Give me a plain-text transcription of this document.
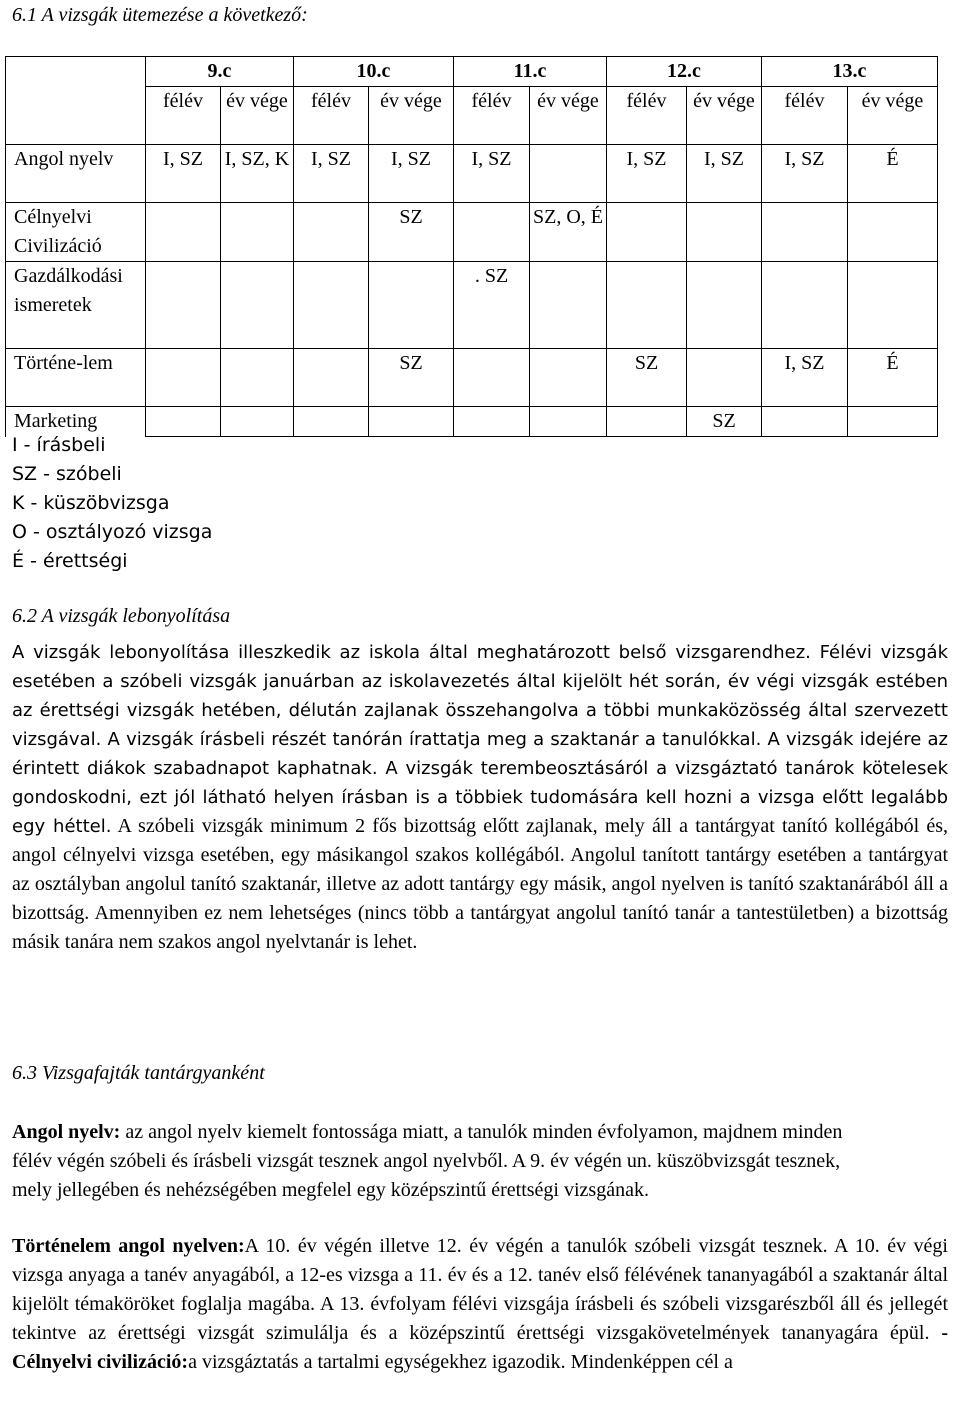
6.1 A vizsgák ütemezése a következő:
	9.c		10.c		11.c		12.c		13.c	
	félév	év vége	félév	év vége	félév	év vége	félév	év vége	félév	év vége
Angol nyelv	I, SZ	I, SZ, K	I, SZ	I, SZ	I, SZ		I, SZ	I, SZ	I, SZ	É
Célnyelvi Civilizáció				SZ		SZ, O, É				
Gazdálkodási ismeretek					. SZ					
Történe-lem				SZ			SZ		I, SZ	É
Marketing								SZ		
I - írásbeli
SZ - szóbeli
K - küszöbvizsga
O - osztályozó vizsga
É - érettségi
6.2 A vizsgák lebonyolítása

A vizsgák lebonyolítása illeszkedik az iskola által meghatározott belső vizsgarendhez. Félévi vizsgák esetében a szóbeli vizsgák januárban az iskolavezetés által kijelölt hét során, év végi vizsgák estében az érettségi vizsgák hetében, délután zajlanak összehangolva a többi munkaközösség által szervezett vizsgával. A vizsgák írásbeli részét tanórán írattatja meg a szaktanár a tanulókkal. A vizsgák idejére az érintett diákok szabadnapot kaphatnak. A vizsgák terembeosztásáról a vizsgáztató tanárok kötelesek gondoskodni, ezt jól látható helyen írásban is a többiek tudomására kell hozni a vizsga előtt legalább egy héttel. A szóbeli vizsgák minimum 2 fős bizottság előtt zajlanak, mely áll a tantárgyat tanító kollégából és, angol célnyelvi vizsga esetében, egy másikangol szakos kollégából. Angolul tanított tantárgy esetében a tantárgyat az osztályban angolul tanító szaktanár, illetve az adott tantárgy egy másik, angol nyelven is tanító szaktanárából áll a bizottság. Amennyiben ez nem lehetséges (nincs több a tantárgyat angolul tanító tanár a tantestületben) a bizottság másik tanára nem szakos angol nyelvtanár is lehet.

6.3 Vizsgafajták tantárgyanként

Angol nyelv: az angol nyelv kiemelt fontossága miatt, a tanulók minden évfolyamon, majdnem minden félév végén szóbeli és írásbeli vizsgát tesznek angol nyelvből. A 9. év végén un. küszöbvizsgát tesznek, mely jellegében és nehézségében megfelel egy középszintű érettségi vizsgának.

Történelem angol nyelven:A 10. év végén illetve 12. év végén a tanulók szóbeli vizsgát tesznek. A 10. év végi vizsga anyaga a tanév anyagából, a 12-es vizsga a 11. év és a 12. tanév első félévének tananyagából a szaktanár által kijelölt témaköröket foglalja magába. A 13. évfolyam félévi vizsgája írásbeli és szóbeli vizsgarészből áll és jellegét tekintve az érettségi vizsgát szimulálja és a középszintű érettségi vizsgakövetelmények tananyagára épül. - Célnyelvi civilizáció:a vizsgáztatás a tartalmi egységekhez igazodik. Mindenképpen cél a
